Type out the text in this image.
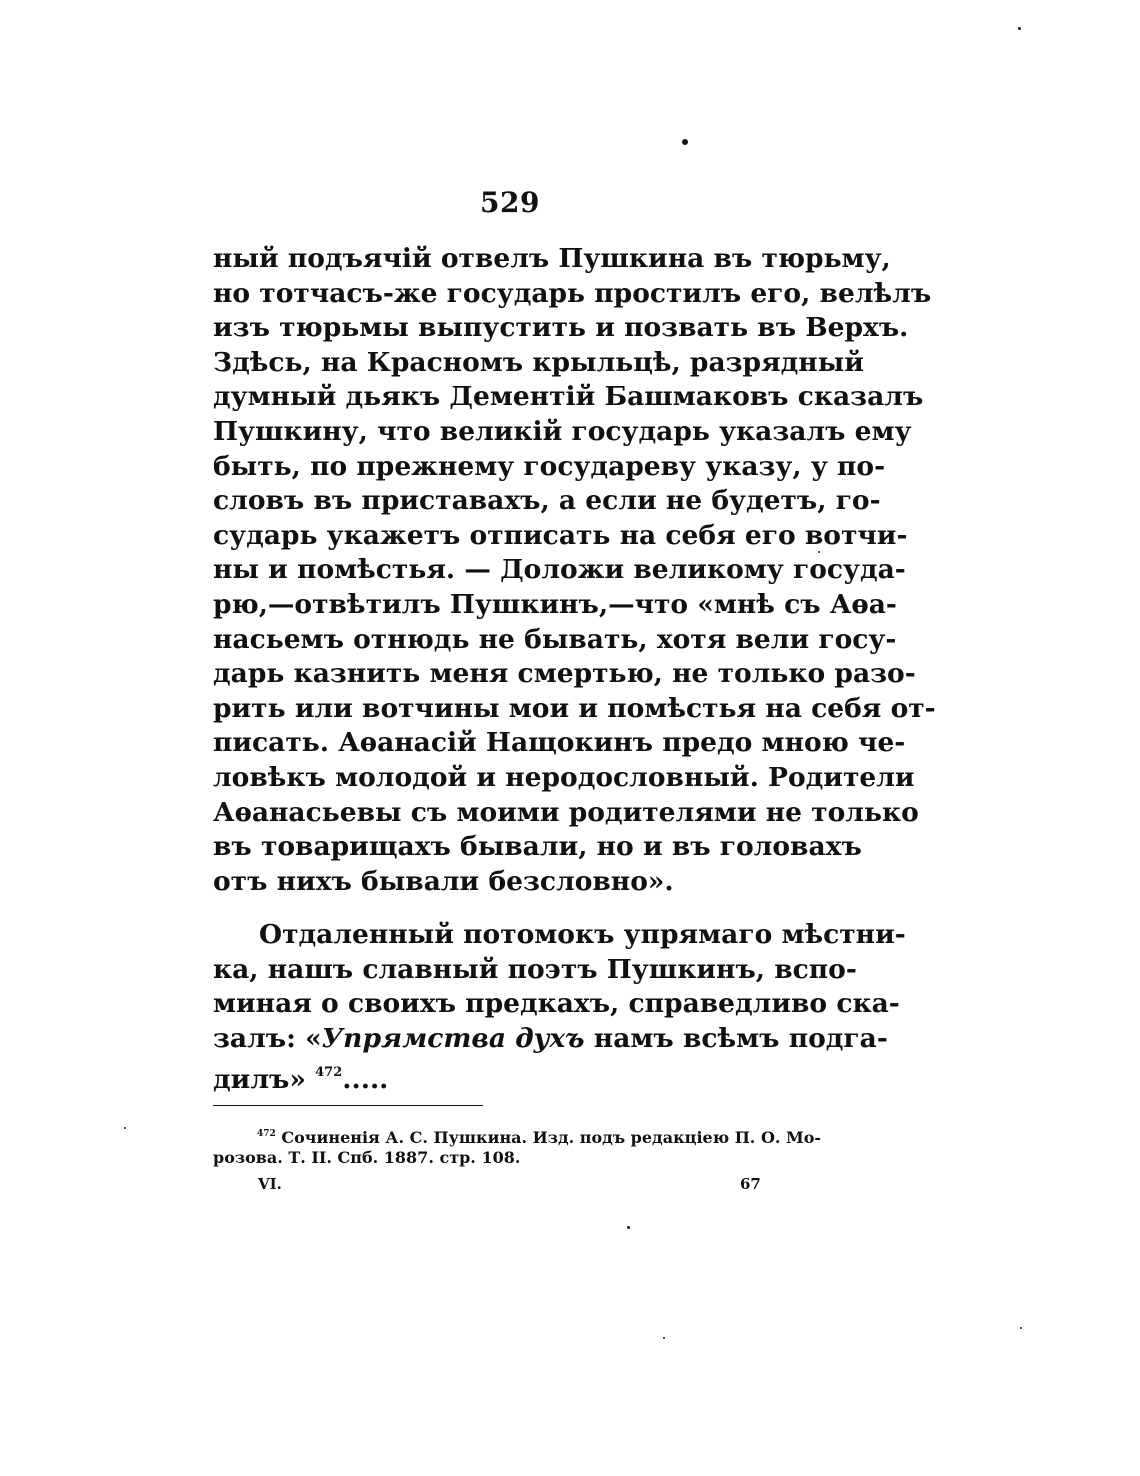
529
ный подъячій отвелъ Пушкина въ тюрьму,
но тотчасъ-же государь простилъ его, велѣлъ
изъ тюрьмы выпустить и позвать въ Верхъ.
Здѣсь, на Красномъ крыльцѣ, разрядный
думный дьякъ Дементій Башмаковъ сказалъ
Пушкину, что великій государь указалъ ему
быть, по прежнему государеву указу, у по-
словъ въ приставахъ, а если не будетъ, го-
сударь укажетъ отписать на себя его вотчи-
ны и помѣстья. — Доложи великому госуда-
рю,—отвѣтилъ Пушкинъ,—что «мнѣ съ Аѳа-
насьемъ отнюдь не бывать, хотя вели госу-
дарь казнить меня смертью, не только разо-
рить или вотчины мои и помѣстья на себя от-
писать. Аѳанасій Нащокинъ предо мною че-
ловѣкъ молодой и неродословный. Родители
Аѳанасьевы съ моими родителями не только
въ товарищахъ бывали, но и въ головахъ
отъ нихъ бывали безсловно».
Отдаленный потомокъ упрямаго мѣстни-
ка, нашъ славный поэтъ Пушкинъ, вспо-
миная о своихъ предкахъ, справедливо ска-
залъ: «Упрямства духъ намъ всѣмъ подга-
дилъ» $^{472}$.....
$^{472}$ Сочиненія А. С. Пушкина. Изд. подъ редакціею П. О. Мо-
розова. Т. II. Спб. 1887. стр. 108.
VI.	67
